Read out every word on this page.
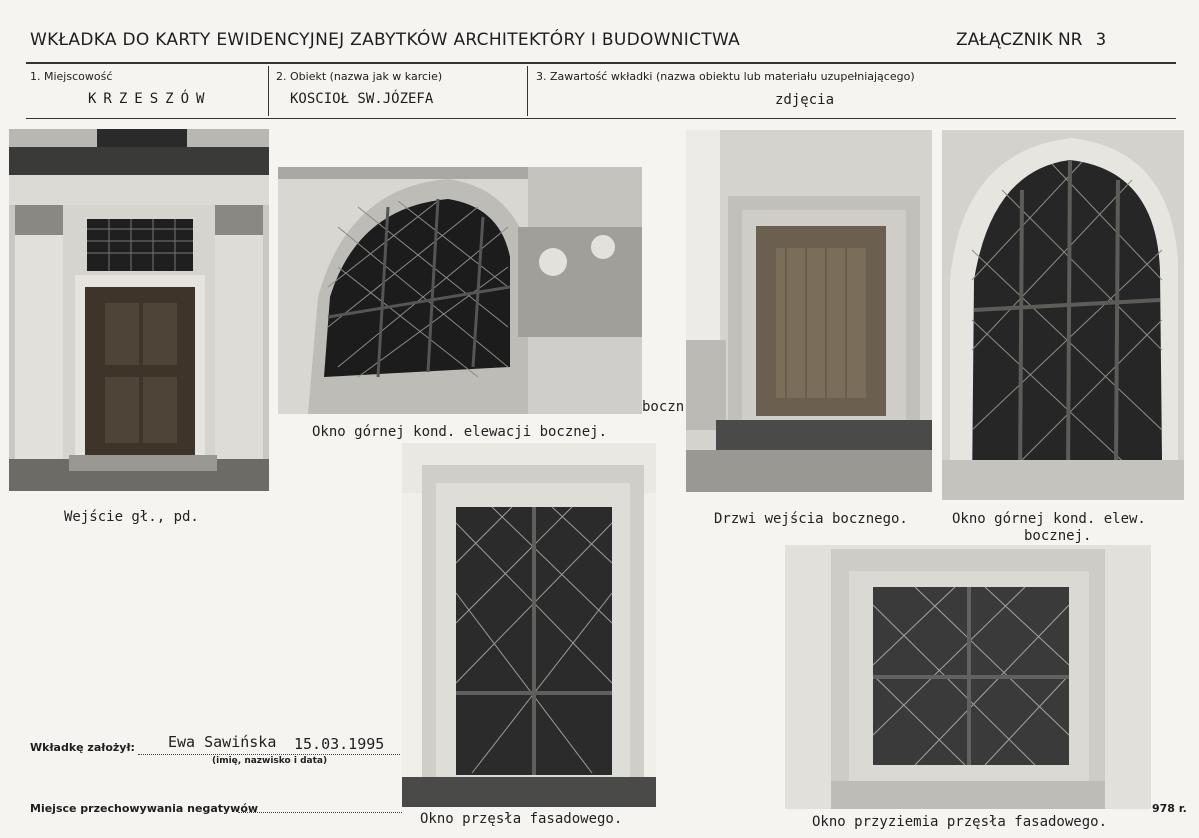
WKŁADKA DO KARTY EWIDENCYJNEJ ZABYTKÓW ARCHITEKTÓRY I BUDOWNICTWA	ZAŁĄCZNIK NR 3
1. Miejscowość
KRZESZÓW
2. Obiekt (nazwa jak w karcie)
KOSCIOŁ SW.JÓZEFA
3. Zawartość wkładki (nazwa obiektu lub materiału uzupełniającego)
zdjęcia
Wejście gł., pd.
Okno górnej kond. elewacji bocznej.
boczn
Drzwi wejścia bocznego.	Okno górnej kond. elew.
bocznej.
Okno przęsła fasadowego.	Okno przyziemia przęsła fasadowego.
Wkładkę założył: Ewa Sawińska 15.03.1995
(imię, nazwisko i data)
Miejsce przechowywania negatywów	978 r.
